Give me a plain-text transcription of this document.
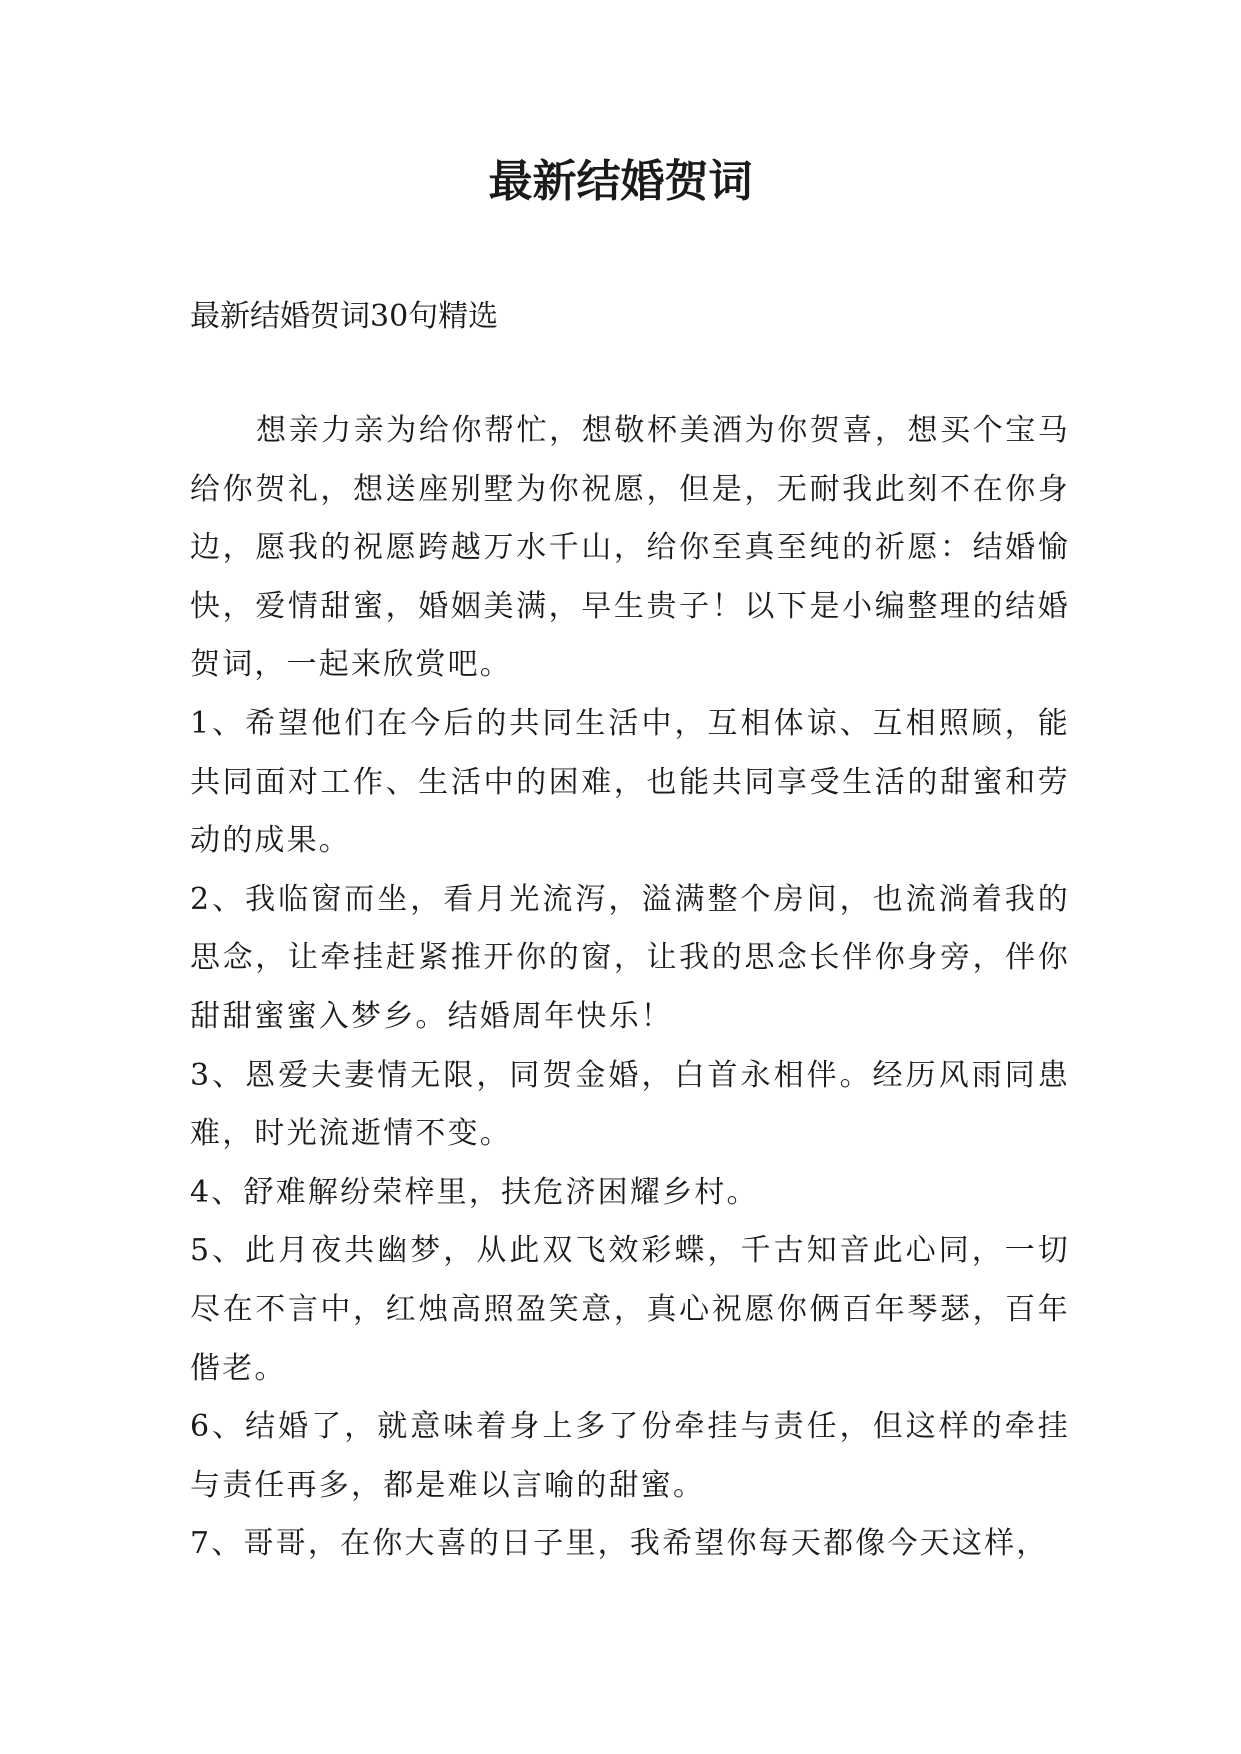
最新结婚贺词

最新结婚贺词30句精选

想亲力亲为给你帮忙，想敬杯美酒为你贺喜，想买个宝马给你贺礼，想送座别墅为你祝愿，但是，无耐我此刻不在你身边，愿我的祝愿跨越万水千山，给你至真至纯的祈愿：结婚愉快，爱情甜蜜，婚姻美满，早生贵子！以下是小编整理的结婚贺词，一起来欣赏吧。

1、希望他们在今后的共同生活中，互相体谅、互相照顾，能共同面对工作、生活中的困难，也能共同享受生活的甜蜜和劳动的成果。

2、我临窗而坐，看月光流泻，溢满整个房间，也流淌着我的思念，让牵挂赶紧推开你的窗，让我的思念长伴你身旁，伴你甜甜蜜蜜入梦乡。结婚周年快乐！

3、恩爱夫妻情无限，同贺金婚，白首永相伴。经历风雨同患难，时光流逝情不变。

4、舒难解纷荣梓里，扶危济困耀乡村。

5、此月夜共幽梦，从此双飞效彩蝶，千古知音此心同，一切尽在不言中，红烛高照盈笑意，真心祝愿你俩百年琴瑟，百年偕老。

6、结婚了，就意味着身上多了份牵挂与责任，但这样的牵挂与责任再多，都是难以言喻的甜蜜。

7、哥哥，在你大喜的日子里，我希望你每天都像今天这样，
